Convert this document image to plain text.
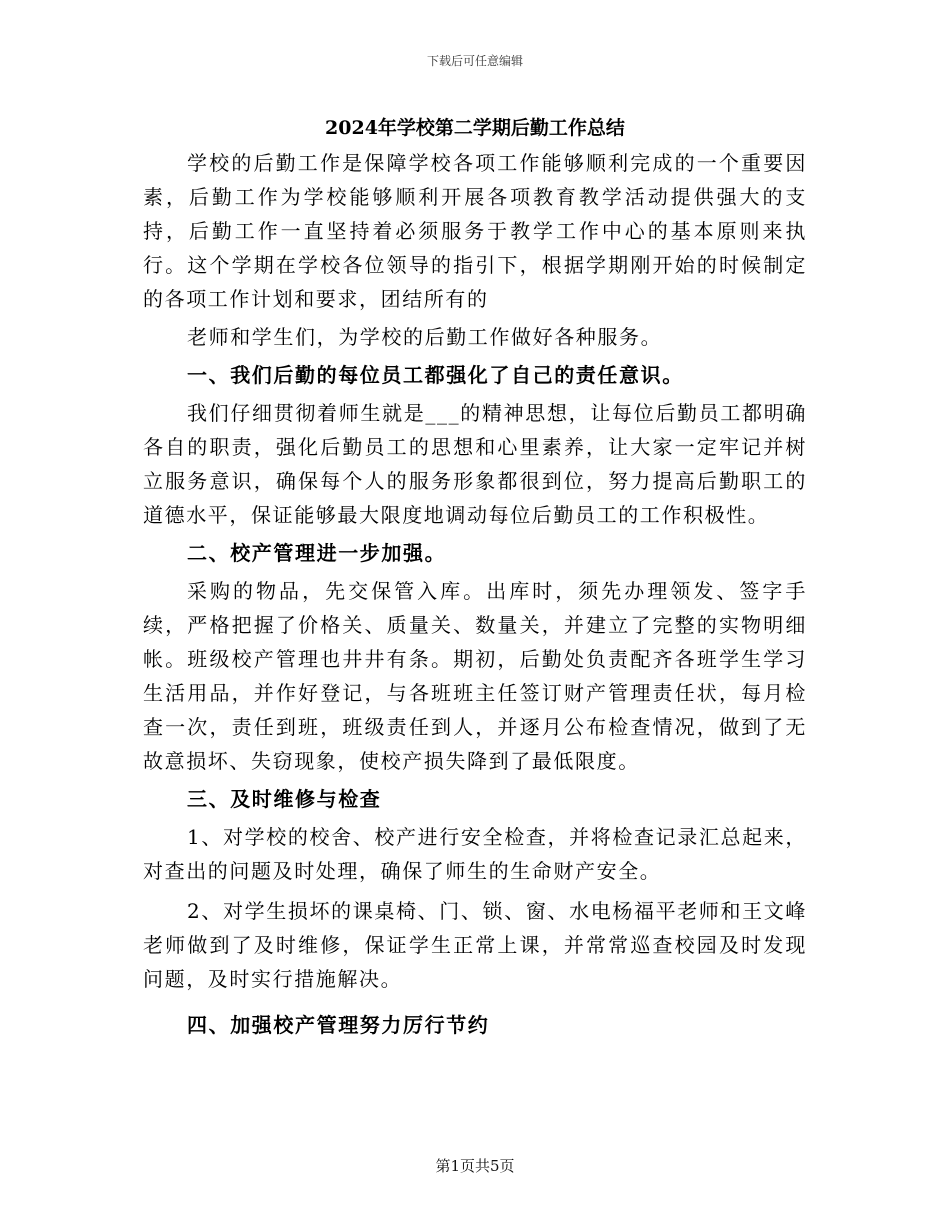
下载后可任意编辑
2024年学校第二学期后勤工作总结

学校的后勤工作是保障学校各项工作能够顺利完成的一个重要因素，后勤工作为学校能够顺利开展各项教育教学活动提供强大的支持，后勤工作一直坚持着必须服务于教学工作中心的基本原则来执行。这个学期在学校各位领导的指引下，根据学期刚开始的时候制定的各项工作计划和要求，团结所有的

老师和学生们，为学校的后勤工作做好各种服务。

一、我们后勤的每位员工都强化了自己的责任意识。

我们仔细贯彻着师生就是___的精神思想，让每位后勤员工都明确各自的职责，强化后勤员工的思想和心里素养，让大家一定牢记并树立服务意识，确保每个人的服务形象都很到位，努力提高后勤职工的道德水平，保证能够最大限度地调动每位后勤员工的工作积极性。

二、校产管理进一步加强。

采购的物品，先交保管入库。出库时，须先办理领发、签字手续，严格把握了价格关、质量关、数量关，并建立了完整的实物明细帐。班级校产管理也井井有条。期初，后勤处负责配齐各班学生学习生活用品，并作好登记，与各班班主任签订财产管理责任状，每月检查一次，责任到班，班级责任到人，并逐月公布检查情况，做到了无故意损坏、失窃现象，使校产损失降到了最低限度。

三、及时维修与检查

1、对学校的校舍、校产进行安全检查，并将检查记录汇总起来，对查出的问题及时处理，确保了师生的生命财产安全。

2、对学生损坏的课桌椅、门、锁、窗、水电杨福平老师和王文峰老师做到了及时维修，保证学生正常上课，并常常巡查校园及时发现问题，及时实行措施解决。

四、加强校产管理努力厉行节约

第1页共5页
